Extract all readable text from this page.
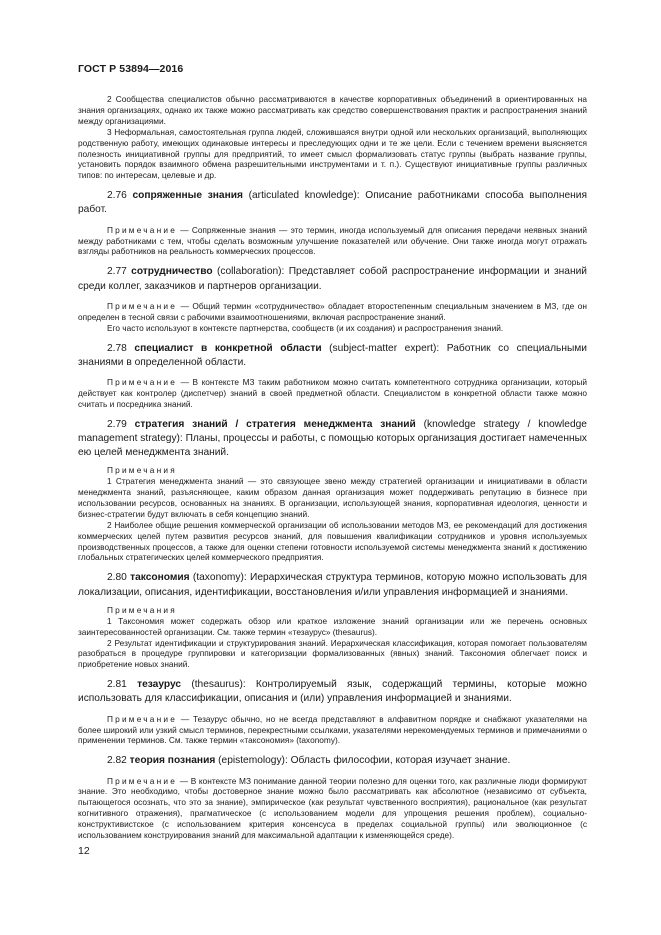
ГОСТ Р 53894—2016

2 Сообщества специалистов обычно рассматриваются в качестве корпоративных объединений в ориентированных на знания организациях, однако их также можно рассматривать как средство совершенствования практик и распространения знаний между организациями.

3 Неформальная, самостоятельная группа людей, сложившаяся внутри одной или нескольких организаций, выполняющих родственную работу, имеющих одинаковые интересы и преследующих одни и те же цели. Если с течением времени выясняется полезность инициативной группы для предприятий, то имеет смысл формализовать статус группы (выбрать название группы, установить порядок взаимного обмена разрешительными инструментами и т. п.). Существуют инициативные группы различных типов: по интересам, целевые и др.

2.76 сопряженные знания (articulated knowledge): Описание работниками способа выполнения работ.

Примечание — Сопряженные знания — это термин, иногда используемый для описания передачи неявных знаний между работниками с тем, чтобы сделать возможным улучшение показателей или обучение. Они также иногда могут отражать взгляды работников на реальность коммерческих процессов.

2.77 сотрудничество (collaboration): Представляет собой распространение информации и знаний среди коллег, заказчиков и партнеров организации.

Примечание — Общий термин «сотрудничество» обладает второстепенным специальным значением в МЗ, где он определен в тесной связи с рабочими взаимоотношениями, включая распространение знаний.

Его часто используют в контексте партнерства, сообществ (и их создания) и распространения знаний.

2.78 специалист в конкретной области (subject-matter expert): Работник со специальными знаниями в определенной области.

Примечание — В контексте МЗ таким работником можно считать компетентного сотрудника организации, который действует как контролер (диспетчер) знаний в своей предметной области. Специалистом в конкретной области также можно считать и посредника знаний.

2.79 стратегия знаний / стратегия менеджмента знаний (knowledge strategy / knowledge management strategy): Планы, процессы и работы, с помощью которых организация достигает намеченных ею целей менеджмента знаний.

Примечания

1 Стратегия менеджмента знаний — это связующее звено между стратегией организации и инициативами в области менеджмента знаний, разъясняющее, каким образом данная организация может поддерживать репутацию в бизнесе при использовании ресурсов, основанных на знаниях. В организации, использующей знания, корпоративная идеология, ценности и бизнес-стратегии будут включать в себя концепцию знаний.

2 Наиболее общие решения коммерческой организации об использовании методов МЗ, ее рекомендаций для достижения коммерческих целей путем развития ресурсов знаний, для повышения квалификации сотрудников и уровня используемых производственных процессов, а также для оценки степени готовности используемой системы менеджмента знаний к достижению глобальных стратегических целей коммерческого предприятия.

2.80 таксономия (taxonomy): Иерархическая структура терминов, которую можно использовать для локализации, описания, идентификации, восстановления и/или управления информацией и знаниями.

Примечания

1 Таксономия может содержать обзор или краткое изложение знаний организации или же перечень основных заинтересованностей организации. См. также термин «тезаурус» (thesaurus).

2 Результат идентификации и структурирования знаний. Иерархическая классификация, которая помогает пользователям разобраться в процедуре группировки и категоризации формализованных (явных) знаний. Таксономия облегчает поиск и приобретение новых знаний.

2.81 тезаурус (thesaurus): Контролируемый язык, содержащий термины, которые можно использовать для классификации, описания и (или) управления информацией и знаниями.

Примечание — Тезаурус обычно, но не всегда представляют в алфавитном порядке и снабжают указателями на более широкий или узкий смысл терминов, перекрестными ссылками, указателями нерекомендуемых терминов и примечаниями о применении терминов. См. также термин «таксономия» (taxonomy).

2.82 теория познания (epistemology): Область философии, которая изучает знание.

Примечание — В контексте МЗ понимание данной теории полезно для оценки того, как различные люди формируют знание. Это необходимо, чтобы достоверное знание можно было рассматривать как абсолютное (независимо от субъекта, пытающегося осознать, что это за знание), эмпирическое (как результат чувственного восприятия), рациональное (как результат когнитивного отражения), прагматическое (с использованием модели для упрощения решения проблем), социально-конструктивистское (с использованием критерия консенсуса в пределах социальной группы) или эволюционное (с использованием конструирования знаний для максимальной адаптации к изменяющейся среде).

12
